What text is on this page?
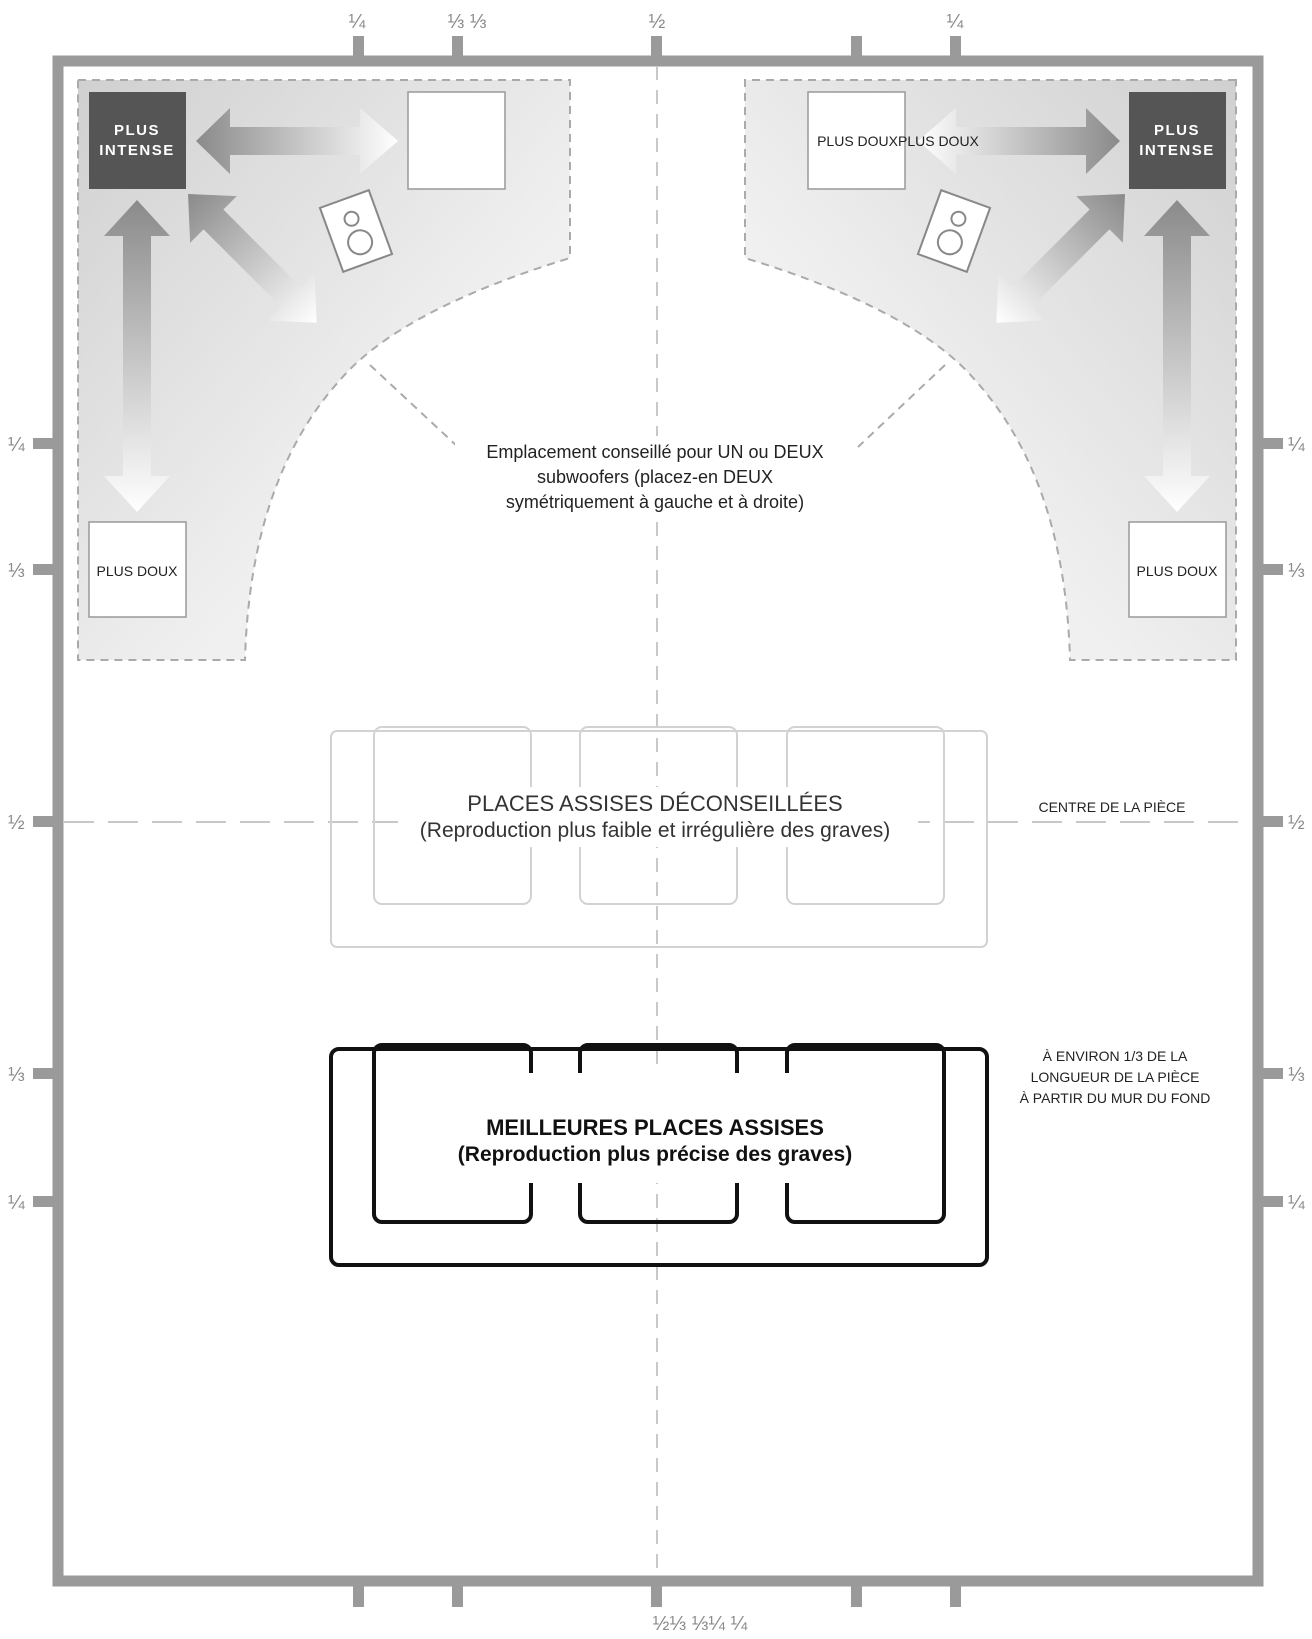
¼	⅓ ⅓	½	¼
½⅓ ⅓¼ ¼
¼
⅓
½
⅓
¼
¼
⅓
½
⅓
¼
PLUS
INTENSE
PLUS DOUX
PLUS DOUXPLUS DOUX
PLUS
INTENSE
PLUS DOUX
Emplacement conseillé pour UN ou DEUX
subwoofers (placez-en DEUX
symétriquement à gauche et à droite)
PLACES ASSISES DÉCONSEILLÉES
(Reproduction plus faible et irrégulière des graves)
CENTRE DE LA PIÈCE
MEILLEURES PLACES ASSISES
(Reproduction plus précise des graves)
À ENVIRON 1/3 DE LA
LONGUEUR DE LA PIÈCE
À PARTIR DU MUR DU FOND
